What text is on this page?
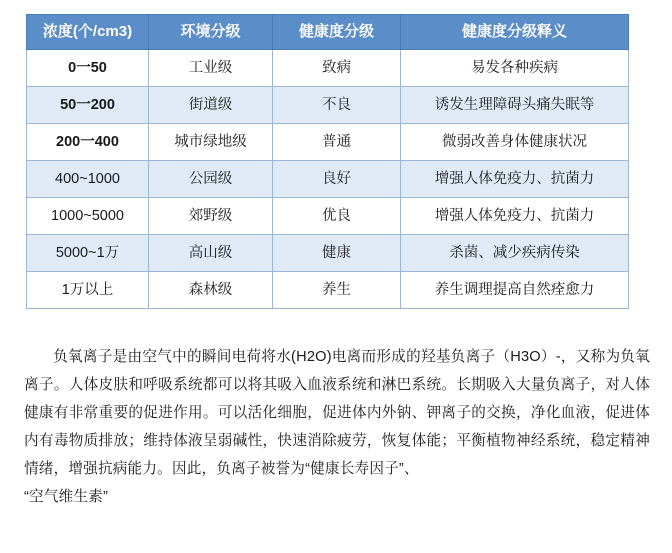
浓度(个/cm3)	环境分级	健康度分级	健康度分级释义
0一50	工业级	致病	易发各种疾病
50一200	街道级	不良	诱发生理障碍头痛失眠等
200一400	城市绿地级	普通	微弱改善身体健康状况
400~1000	公园级	良好	增强人体免疫力、抗菌力
1000~5000	郊野级	优良	增强人体免疫力、抗菌力
5000~1万	高山级	健康	杀菌、减少疾病传染
1万以上	森林级	养生	养生调理提高自然痊愈力

负氧离子是由空气中的瞬间电荷将水(H2O)电离而形成的羟基负离子（H3O）-，又称为负氧离子。人体皮肤和呼吸系统都可以将其吸入血液系统和淋巴系统。长期吸入大量负离子，对人体健康有非常重要的促进作用。可以活化细胞，促进体内外钠、钾离子的交换，净化血液，促进体内有毒物质排放；维持体液呈弱碱性，快速消除疲劳，恢复体能；平衡植物神经系统，稳定精神情绪，增强抗病能力。因此，负离子被誉为“健康长寿因子”、
“空气维生素”
